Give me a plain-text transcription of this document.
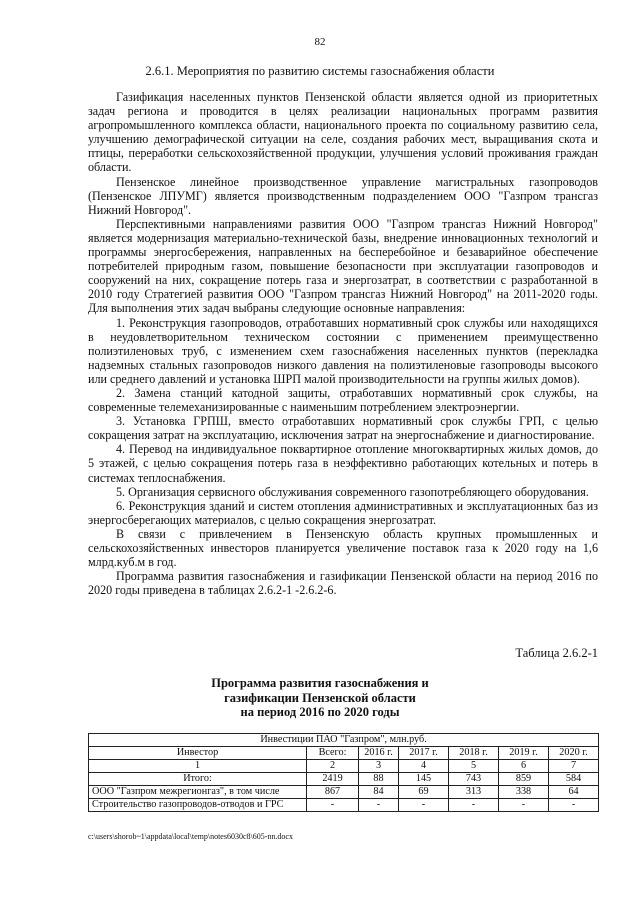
82
2.6.1. Мероприятия по развитию системы газоснабжения области

Газификация населенных пунктов Пензенской области является одной из приоритетных задач региона и проводится в целях реализации национальных программ развития агропромышленного комплекса области, национального проекта по социальному развитию села, улучшению демографической ситуации на селе, создания рабочих мест, выращивания скота и птицы, переработки сельскохозяйственной продукции, улучшения условий проживания граждан области.

Пензенское линейное производственное управление магистральных газопроводов (Пензенское ЛПУМГ) является производственным подразделением ООО "Газпром трансгаз Нижний Новгород".

Перспективными направлениями развития ООО "Газпром трансгаз Нижний Новгород" является модернизация материально-технической базы, внедрение инновационных технологий и программы энергосбережения, направленных на бесперебойное и безаварийное обеспечение потребителей природным газом, повышение безопасности при эксплуатации газопроводов и сооружений на них, сокращение потерь газа и энергозатрат, в соответствии с разработанной в 2010 году Стратегией развития ООО "Газпром трансгаз Нижний Новгород" на 2011-2020 годы. Для выполнения этих задач выбраны следующие основные направления:

1. Реконструкция газопроводов, отработавших нормативный срок службы или находящихся в неудовлетворительном техническом состоянии с применением преимущественно полиэтиленовых труб, с изменением схем газоснабжения населенных пунктов (перекладка надземных стальных газопроводов низкого давления на полиэтиленовые газопроводы высокого или среднего давлений и установка ШРП малой производительности на группы жилых домов).

2. Замена станций катодной защиты, отработавших нормативный срок службы, на современные телемеханизированные с наименьшим потреблением электроэнергии.

3. Установка ГРПШ, вместо отработавших нормативный срок службы ГРП, с целью сокращения затрат на эксплуатацию, исключения затрат на энергоснабжение и диагностирование.

4. Перевод на индивидуальное поквартирное отопление многоквартирных жилых домов, до 5 этажей, с целью сокращения потерь газа в неэффективно работающих котельных и потерь в системах теплоснабжения.

5. Организация сервисного обслуживания современного газопотребляющего оборудования.

6. Реконструкция зданий и систем отопления административных и эксплуатационных баз из энергосберегающих материалов, с целью сокращения энергозатрат.

В связи с привлечением в Пензенскую область крупных промышленных и сельскохозяйственных инвесторов планируется увеличение поставок газа к 2020 году на 1,6 млрд.куб.м в год.

Программа развития газоснабжения и газификации Пензенской области на период 2016 по 2020 годы приведена в таблицах 2.6.2-1 -2.6.2-6.

Таблица 2.6.2-1
Программа развития газоснабжения и
газификации Пензенской области
на период 2016 по 2020 годы
Инвестиции ПАО "Газпром", млн.руб.						
Инвестор	Всего:	2016 г.	2017 г.	2018 г.	2019 г.	2020 г.
1	2	3	4	5	6	7
Итого:	2419	88	145	743	859	584
ООО "Газпром межрегионгаз", в том числе	867	84	69	313	338	64
Строительство газопроводов-отводов и ГРС	-	-	-	-	-	-
c:\users\shorob~1\appdata\local\temp\notes6030c8\605-nn.docx
